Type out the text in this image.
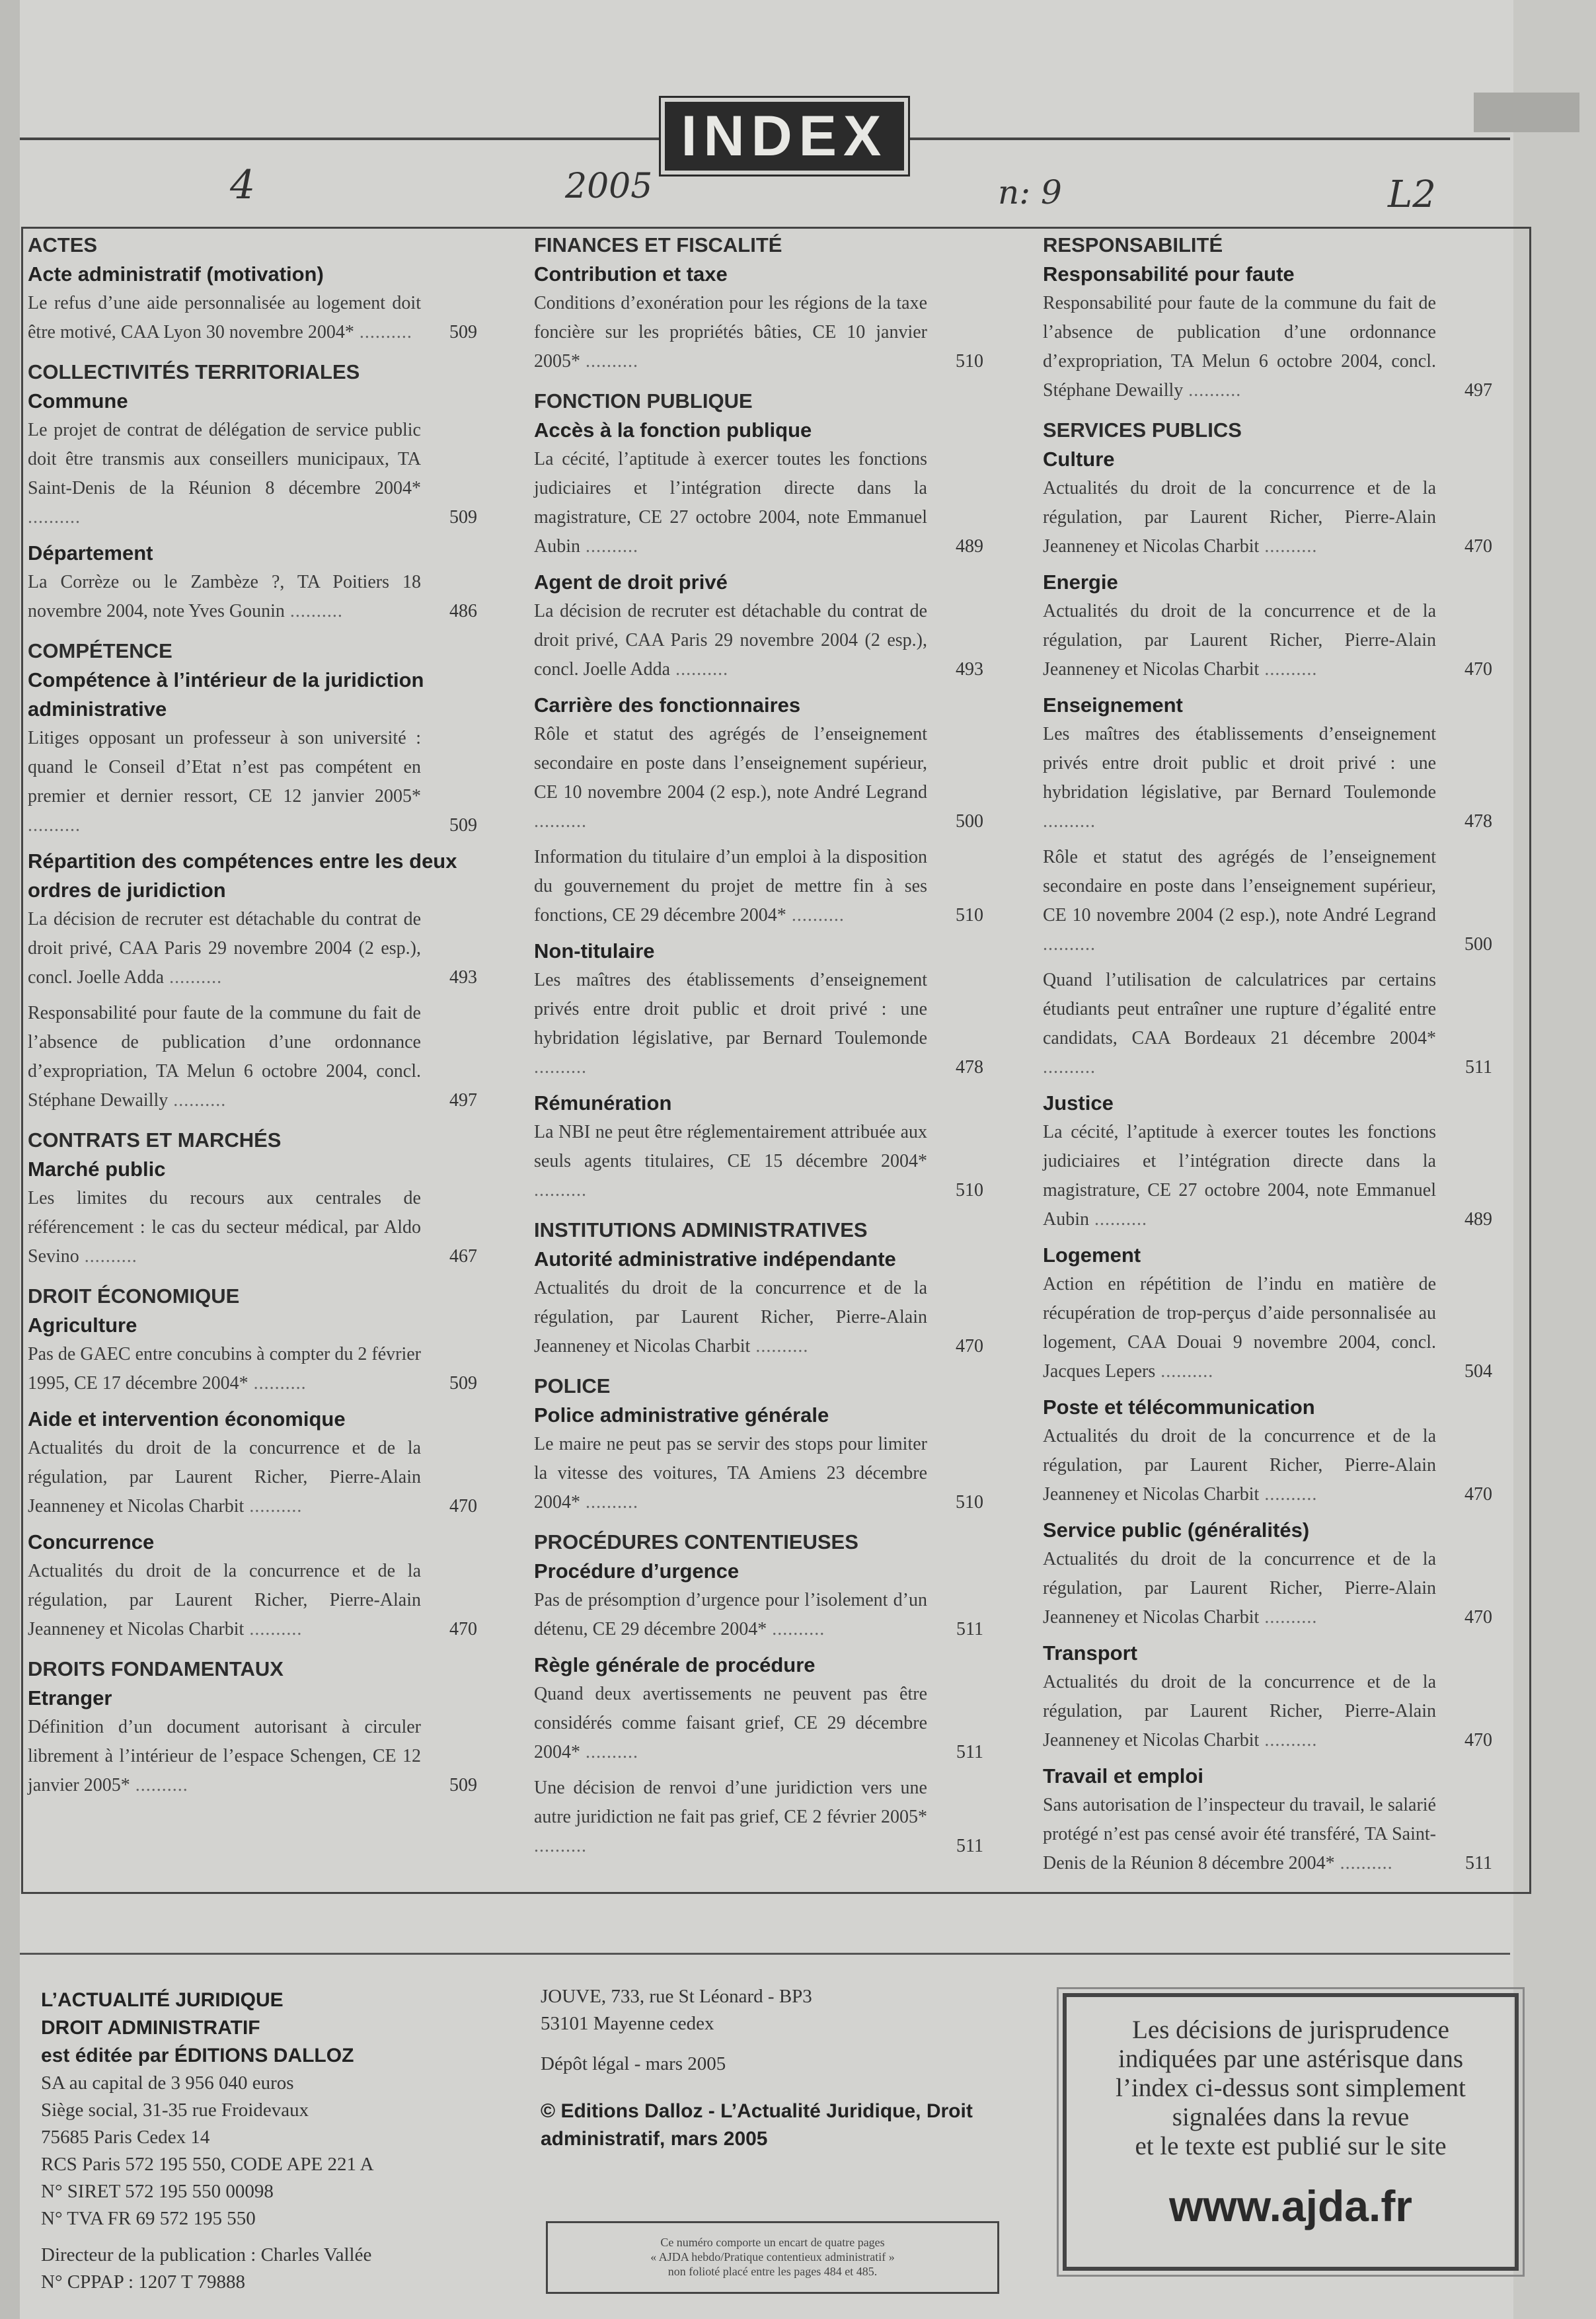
INDEX
4	2005	n: 9	L2
ACTES
Acte administratif (motivation)
Le refus d’une aide personnalisée au logement doit être motivé, CAA Lyon 30 novembre 2004* .......... 509
COLLECTIVITÉS TERRITORIALES
Commune
Le projet de contrat de délégation de service public doit être transmis aux conseillers municipaux, TA Saint-Denis de la Réunion 8 décembre 2004* ..........	509
Département
La Corrèze ou le Zambèze ?, TA Poitiers 18 novembre 2004, note Yves Gounin ..........	486
COMPÉTENCE
Compétence à l’intérieur de la juridiction administrative
Litiges opposant un professeur à son université : quand le Conseil d’Etat n’est pas compétent en premier et dernier ressort, CE 12 janvier 2005* ..........	509
Répartition des compétences entre les deux ordres de juridiction
La décision de recruter est détachable du contrat de droit privé, CAA Paris 29 novembre 2004 (2 esp.), concl. Joelle Adda ..........	493
Responsabilité pour faute de la commune du fait de l’absence de publication d’une ordonnance d’expropriation, TA Melun 6 octobre 2004, concl. Stéphane Dewailly ..........	497
CONTRATS ET MARCHÉS
Marché public
Les limites du recours aux centrales de référencement : le cas du secteur médical, par Aldo Sevino ..........	467
DROIT ÉCONOMIQUE
Agriculture
Pas de GAEC entre concubins à compter du 2 février 1995, CE 17 décembre 2004* ..........	509
Aide et intervention économique
Actualités du droit de la concurrence et de la régulation, par Laurent Richer, Pierre-Alain Jeanneney et Nicolas Charbit ..........	470
Concurrence
Actualités du droit de la concurrence et de la régulation, par Laurent Richer, Pierre-Alain Jeanneney et Nicolas Charbit ..........	470
DROITS FONDAMENTAUX
Etranger
Définition d’un document autorisant à circuler librement à l’intérieur de l’espace Schengen, CE 12 janvier 2005* ..........	509
FINANCES ET FISCALITÉ
Contribution et taxe
Conditions d’exonération pour les régions de la taxe foncière sur les propriétés bâties, CE 10 janvier 2005* ..........	510
FONCTION PUBLIQUE
Accès à la fonction publique
La cécité, l’aptitude à exercer toutes les fonctions judiciaires et l’intégration directe dans la magistrature, CE 27 octobre 2004, note Emmanuel Aubin ..........	489
Agent de droit privé
La décision de recruter est détachable du contrat de droit privé, CAA Paris 29 novembre 2004 (2 esp.), concl. Joelle Adda ..........	493
Carrière des fonctionnaires
Rôle et statut des agrégés de l’enseignement secondaire en poste dans l’enseignement supérieur, CE 10 novembre 2004 (2 esp.), note André Legrand ..........	500
Information du titulaire d’un emploi à la disposition du gouvernement du projet de mettre fin à ses fonctions, CE 29 décembre 2004* ..........	510
Non-titulaire
Les maîtres des établissements d’enseignement privés entre droit public et droit privé : une hybridation législative, par Bernard Toulemonde ..........	478
Rémunération
La NBI ne peut être réglementairement attribuée aux seuls agents titulaires, CE 15 décembre 2004* ..........	510
INSTITUTIONS ADMINISTRATIVES
Autorité administrative indépendante
Actualités du droit de la concurrence et de la régulation, par Laurent Richer, Pierre-Alain Jeanneney et Nicolas Charbit ..........	470
POLICE
Police administrative générale
Le maire ne peut pas se servir des stops pour limiter la vitesse des voitures, TA Amiens 23 décembre 2004* ..........	510
PROCÉDURES CONTENTIEUSES
Procédure d’urgence
Pas de présomption d’urgence pour l’isolement d’un détenu, CE 29 décembre 2004* ..........	511
Règle générale de procédure
Quand deux avertissements ne peuvent pas être considérés comme faisant grief, CE 29 décembre 2004* ..........	511
Une décision de renvoi d’une juridiction vers une autre juridiction ne fait pas grief, CE 2 février 2005* ..........	511
RESPONSABILITÉ
Responsabilité pour faute
Responsabilité pour faute de la commune du fait de l’absence de publication d’une ordonnance d’expropriation, TA Melun 6 octobre 2004, concl. Stéphane Dewailly ..........	497
SERVICES PUBLICS
Culture
Actualités du droit de la concurrence et de la régulation, par Laurent Richer, Pierre-Alain Jeanneney et Nicolas Charbit ..........	470
Energie
Actualités du droit de la concurrence et de la régulation, par Laurent Richer, Pierre-Alain Jeanneney et Nicolas Charbit ..........	470
Enseignement
Les maîtres des établissements d’enseignement privés entre droit public et droit privé : une hybridation législative, par Bernard Toulemonde ..........	478
Rôle et statut des agrégés de l’enseignement secondaire en poste dans l’enseignement supérieur, CE 10 novembre 2004 (2 esp.), note André Legrand ..........	500
Quand l’utilisation de calculatrices par certains étudiants peut entraîner une rupture d’égalité entre candidats, CAA Bordeaux 21 décembre 2004* ..........	511
Justice
La cécité, l’aptitude à exercer toutes les fonctions judiciaires et l’intégration directe dans la magistrature, CE 27 octobre 2004, note Emmanuel Aubin ..........	489
Logement
Action en répétition de l’indu en matière de récupération de trop-perçus d’aide personnalisée au logement, CAA Douai 9 novembre 2004, concl. Jacques Lepers ..........	504
Poste et télécommunication
Actualités du droit de la concurrence et de la régulation, par Laurent Richer, Pierre-Alain Jeanneney et Nicolas Charbit ..........	470
Service public (généralités)
Actualités du droit de la concurrence et de la régulation, par Laurent Richer, Pierre-Alain Jeanneney et Nicolas Charbit ..........	470
Transport
Actualités du droit de la concurrence et de la régulation, par Laurent Richer, Pierre-Alain Jeanneney et Nicolas Charbit ..........	470
Travail et emploi
Sans autorisation de l’inspecteur du travail, le salarié protégé n’est pas censé avoir été transféré, TA Saint-Denis de la Réunion 8 décembre 2004* ..........	511
L’ACTUALITÉ JURIDIQUE
DROIT ADMINISTRATIF
est éditée par ÉDITIONS DALLOZ
SA au capital de 3 956 040 euros
Siège social, 31-35 rue Froidevaux
75685 Paris Cedex 14
RCS Paris 572 195 550, CODE APE 221 A
N° SIRET 572 195 550 00098
N° TVA FR 69 572 195 550
Directeur de la publication : Charles Vallée
N° CPPAP : 1207 T 79888
JOUVE, 733, rue St Léonard - BP3
53101 Mayenne cedex
Dépôt légal - mars 2005
© Editions Dalloz - L’Actualité Juridique, Droit administratif, mars 2005
Ce numéro comporte un encart de quatre pages
« AJDA hebdo/Pratique contentieux administratif »
non folioté placé entre les pages 484 et 485.
Les décisions de jurisprudence
indiquées par une astérisque dans
l’index ci-dessus sont simplement
signalées dans la revue
et le texte est publié sur le site
www.ajda.fr
